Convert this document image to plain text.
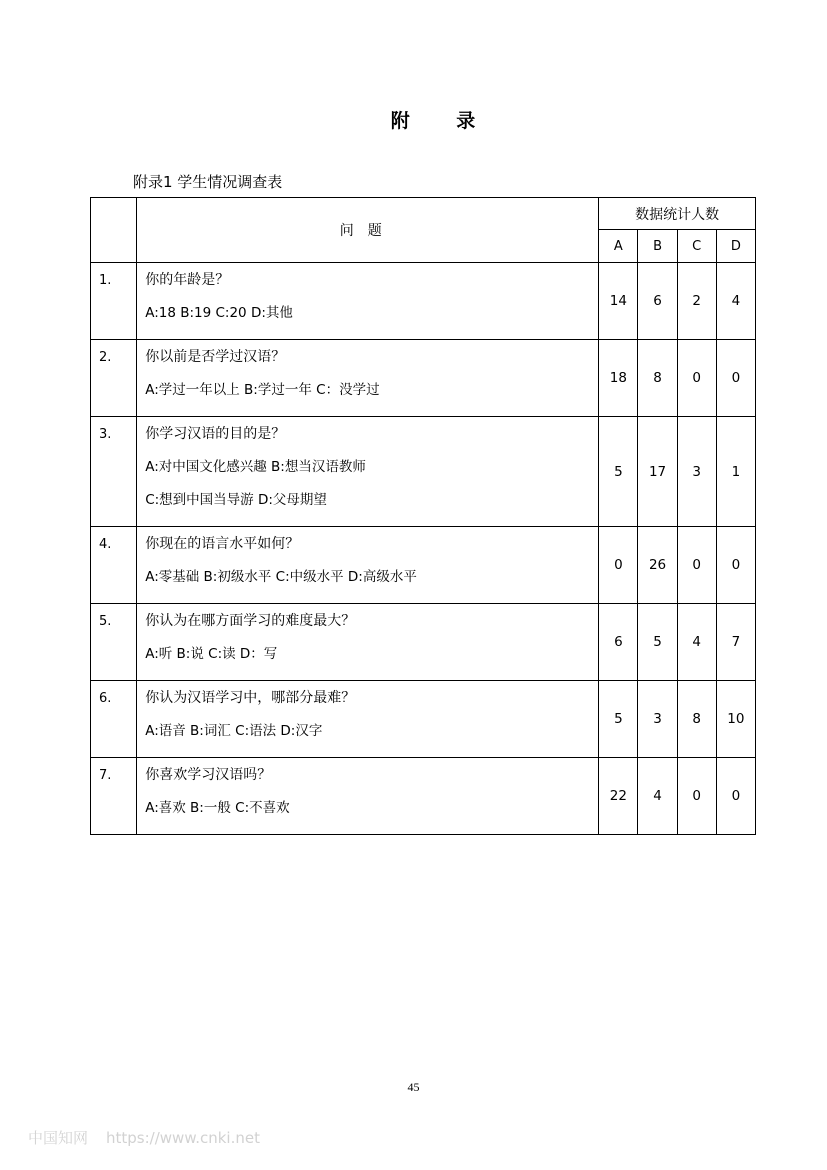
附 录
附录1 学生情况调查表
	问题	数据统计人数			
		A	B	C	D
1.	你的年龄是？
A:18 B:19 C:20 D:其他	14	6	2	4
2.	你以前是否学过汉语？
A:学过一年以上 B:学过一年 C：没学过	18	8	0	0
3.	你学习汉语的目的是？
A:对中国文化感兴趣 B:想当汉语教师
C:想到中国当导游 D:父母期望	5	17	3	1
4.	你现在的语言水平如何？
A:零基础 B:初级水平 C:中级水平 D:高级水平	0	26	0	0
5.	你认为在哪方面学习的难度最大？
A:听 B:说 C:读 D：写	6	5	4	7
6.	你认为汉语学习中，哪部分最难？
A:语音 B:词汇 C:语法 D:汉字	5	3	8	10
7.	你喜欢学习汉语吗？
A:喜欢 B:一般 C:不喜欢	22	4	0	0
45
中国知网 https://www.cnki.net
